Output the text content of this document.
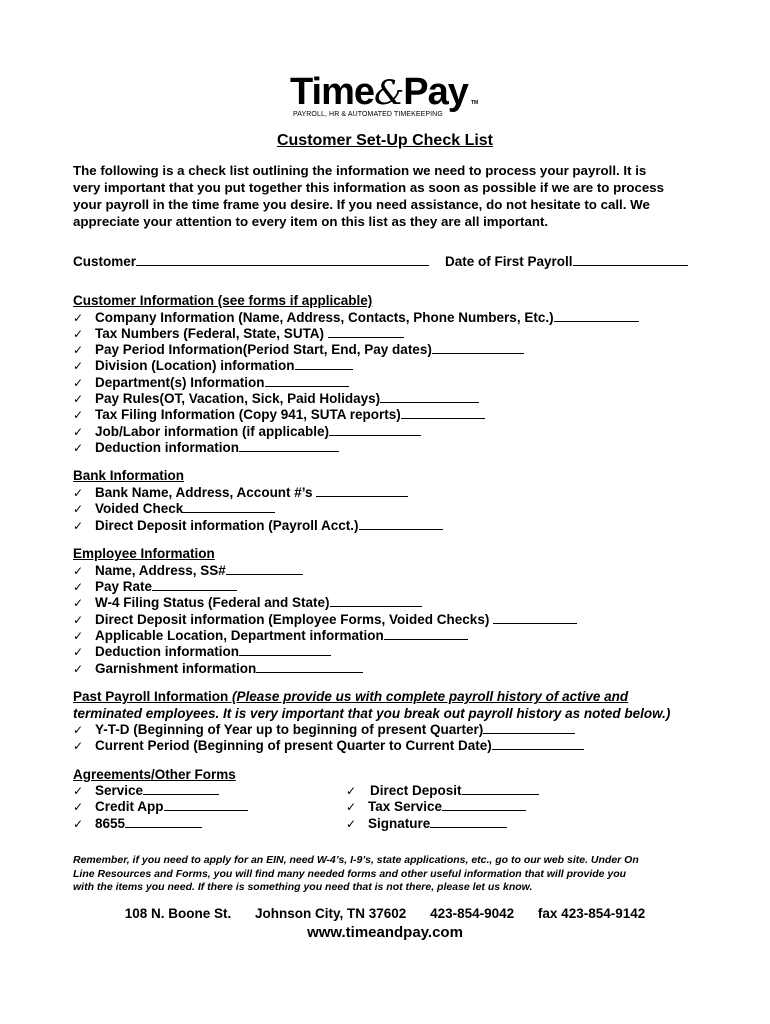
Time&Pay TM
PAYROLL, HR & AUTOMATED TIMEKEEPING
Customer Set-Up Check List
The following is a check list outlining the information we need to process your payroll. It is
very important that you put together this information as soon as possible if we are to process
your payroll in the time frame you desire. If you need assistance, do not hesitate to call. We
appreciate your attention to every item on this list as they are all important.
Customer	Date of First Payroll
Customer Information (see forms if applicable)
✓ Company Information (Name, Address, Contacts, Phone Numbers, Etc.)
✓ Tax Numbers (Federal, State, SUTA)
✓ Pay Period Information(Period Start, End, Pay dates)
✓ Division (Location) information
✓ Department(s) Information
✓ Pay Rules(OT, Vacation, Sick, Paid Holidays)
✓ Tax Filing Information (Copy 941, SUTA reports)
✓ Job/Labor information (if applicable)
✓ Deduction information
Bank Information
✓ Bank Name, Address, Account #’s
✓ Voided Check
✓ Direct Deposit information (Payroll Acct.)
Employee Information
✓ Name, Address, SS#
✓ Pay Rate
✓ W-4 Filing Status (Federal and State)
✓ Direct Deposit information (Employee Forms, Voided Checks)
✓ Applicable Location, Department information
✓ Deduction information
✓ Garnishment information
Past Payroll Information (Please provide us with complete payroll history of active and
terminated employees. It is very important that you break out payroll history as noted below.)
✓ Y-T-D (Beginning of Year up to beginning of present Quarter)
✓ Current Period (Beginning of present Quarter to Current Date)
Agreements/Other Forms
✓ Service
✓ Credit App
✓ 8655
✓ Direct Deposit
✓ Tax Service
✓ Signature
Remember, if you need to apply for an EIN, need W-4’s, I-9’s, state applications, etc., go to our web site. Under On
Line Resources and Forms, you will find many needed forms and other useful information that will provide you
with the items you need. If there is something you need that is not there, please let us know.
108 N. Boone St. Johnson City, TN 37602 423-854-9042 fax 423-854-9142
www.timeandpay.com
